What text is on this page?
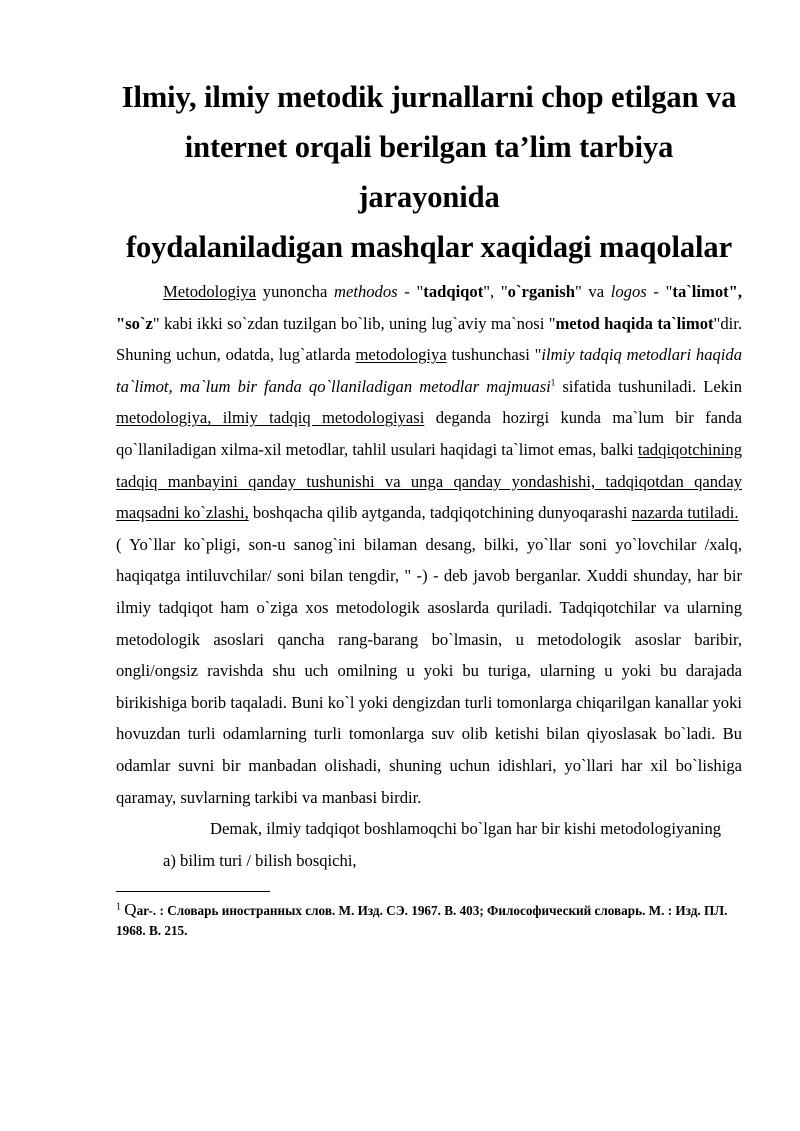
Ilmiy, ilmiy metodik jurnallarni chop etilgan va
internet orqali berilgan ta’lim tarbiya jarayonida
foydalaniladigan mashqlar xaqidagi maqolalar

Metodologiya yunoncha methodos - "tadqiqot", "o`rganish" va logos - "ta`limot", "so`z" kabi ikki so`zdan tuzilgan bo`lib, uning lug`aviy ma`nosi "metod haqida ta`limot"dir. Shuning uchun, odatda, lug`atlarda metodologiya tushunchasi "ilmiy tadqiq metodlari haqida ta`limot, ma`lum bir fanda qo`llaniladigan metodlar majmuasi$^1$ sifatida tushuniladi. Lekin metodologiya, ilmiy tadqiq metodologiyasi deganda hozirgi kunda ma`lum bir fanda qo`llaniladigan xilma-xil metodlar, tahlil usulari haqidagi ta`limot emas, balki tadqiqotchining tadqiq manbayini qanday tushunishi va unga qanday yondashishi, tadqiqotdan qanday maqsadni ko`zlashi, boshqacha qilib aytganda, tadqiqotchining dunyoqarashi nazarda tutiladi.

( Yo`llar ko`pligi, son-u sanog`ini bilaman desang, bilki, yo`llar soni yo`lovchilar /xalq, haqiqatga intiluvchilar/ soni bilan tengdir, " -) - deb javob berganlar. Xuddi shunday, har bir ilmiy tadqiqot ham o`ziga xos metodologik asoslarda quriladi. Tadqiqotchilar va ularning metodologik asoslari qancha rang-barang bo`lmasin, u metodologik asoslar baribir, ongli/ongsiz ravishda shu uch omilning u yoki bu turiga, ularning u yoki bu darajada birikishiga borib taqaladi. Buni ko`l yoki dengizdan turli tomonlarga chiqarilgan kanallar yoki hovuzdan turli odamlarning turli tomonlarga suv olib ketishi bilan qiyoslasak bo`ladi. Bu odamlar suvni bir manbadan olishadi, shuning uchun idishlari, yo`llari har xil bo`lishiga qaramay, suvlarning tarkibi va manbasi birdir.

Demak, ilmiy tadqiqot boshlamoqchi bo`lgan har bir kishi metodologiyaning

a) bilim turi / bilish bosqichi,

$^1$ Qar-. : Словарь иностранных слов. М. Изд. СЭ. 1967. В. 403; Философический словарь. М. : Изд. ПЛ. 1968. В. 215.
